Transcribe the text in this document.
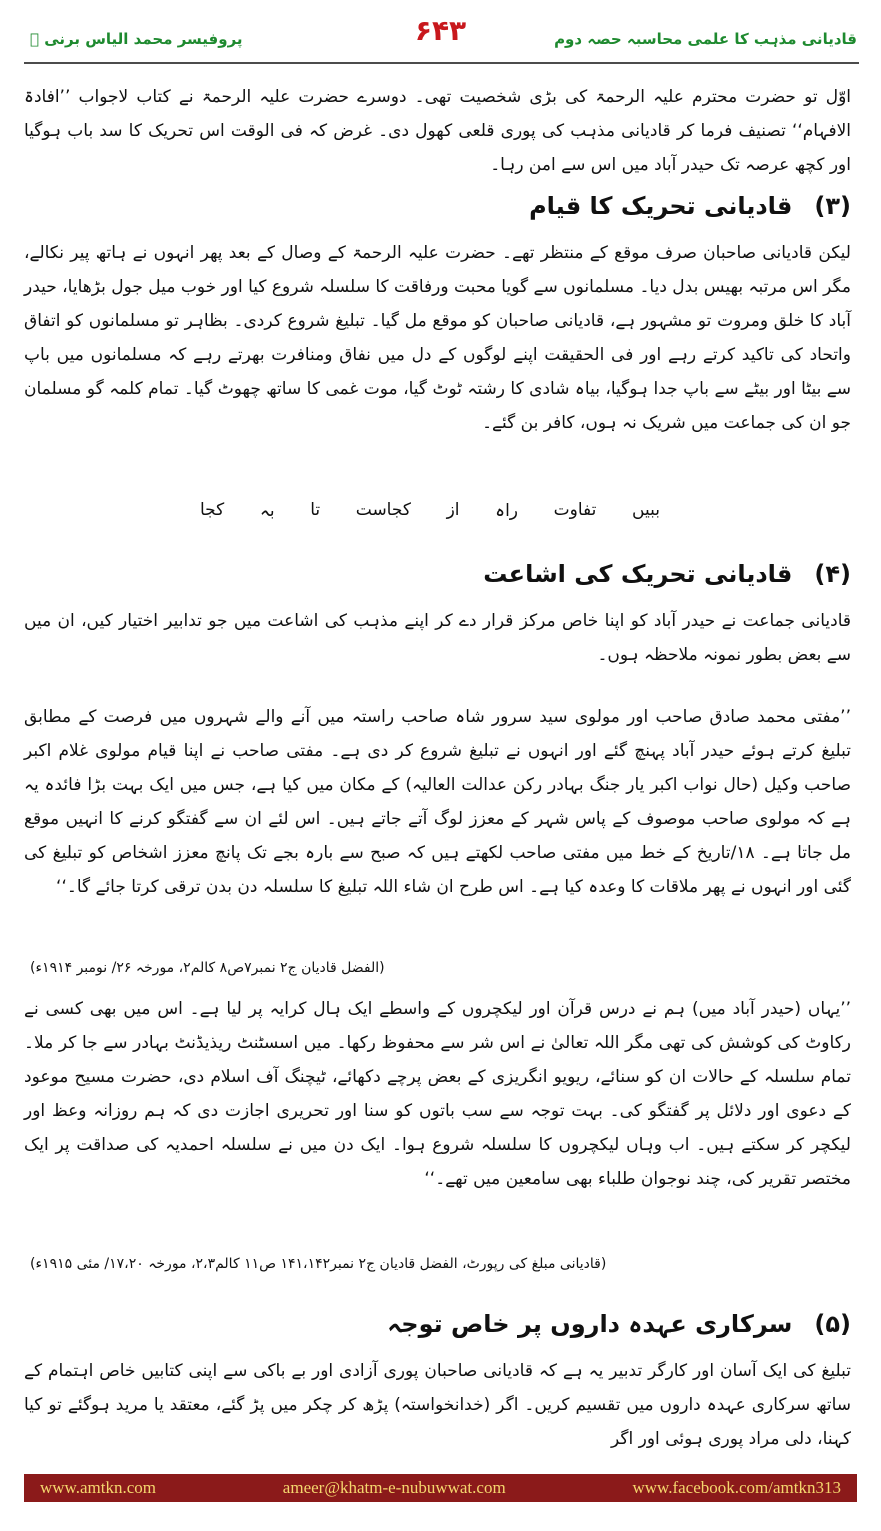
قادیانی مذہب کا علمی محاسبہ حصہ دوم
۶۴۳
پروفیسر محمد الیاس برنی ﷫
اوّل تو حضرت محترم علیہ الرحمۃ کی بڑی شخصیت تھی۔ دوسرے حضرت علیہ الرحمۃ نے کتاب لاجواب ’’افادۃ الافہام‘‘ تصنیف فرما کر قادیانی مذہب کی پوری قلعی کھول دی۔ غرض کہ فی الوقت اس تحریک کا سد باب ہوگیا اور کچھ عرصہ تک حیدر آباد میں اس سے امن رہا۔
(۳)قادیانی تحریک کا قیام
لیکن قادیانی صاحبان صرف موقع کے منتظر تھے۔ حضرت علیہ الرحمۃ کے وصال کے بعد پھر انہوں نے ہاتھ پیر نکالے، مگر اس مرتبہ بھیس بدل دیا۔ مسلمانوں سے گویا محبت ورفاقت کا سلسلہ شروع کیا اور خوب میل جول بڑھایا، حیدر آباد کا خلق ومروت تو مشہور ہے، قادیانی صاحبان کو موقع مل گیا۔ تبلیغ شروع کردی۔ بظاہر تو مسلمانوں کو اتفاق واتحاد کی تاکید کرتے رہے اور فی الحقیقت اپنے لوگوں کے دل میں نفاق ومنافرت بھرتے رہے کہ مسلمانوں میں باپ سے بیٹا اور بیٹے سے باپ جدا ہوگیا، بیاہ شادی کا رشتہ ٹوٹ گیا، موت غمی کا ساتھ چھوٹ گیا۔ تمام کلمہ گو مسلمان جو ان کی جماعت میں شریک نہ ہوں، کافر بن گئے۔
ببیں
تفاوت
راہ
از
کجاست
تا
بہ
کجا
(۴)قادیانی تحریک کی اشاعت
قادیانی جماعت نے حیدر آباد کو اپنا خاص مرکز قرار دے کر اپنے مذہب کی اشاعت میں جو تدابیر اختیار کیں، ان میں سے بعض بطور نمونہ ملاحظہ ہوں۔
’’مفتی محمد صادق صاحب اور مولوی سید سرور شاہ صاحب راستہ میں آنے والے شہروں میں فرصت کے مطابق تبلیغ کرتے ہوئے حیدر آباد پہنچ گئے اور انہوں نے تبلیغ شروع کر دی ہے۔ مفتی صاحب نے اپنا قیام مولوی غلام اکبر صاحب وکیل (حال نواب اکبر یار جنگ بہادر رکن عدالت العالیہ) کے مکان میں کیا ہے، جس میں ایک بہت بڑا فائدہ یہ ہے کہ مولوی صاحب موصوف کے پاس شہر کے معزز لوگ آتے جاتے ہیں۔ اس لئے ان سے گفتگو کرنے کا انہیں موقع مل جاتا ہے۔ ۱۸/تاریخ کے خط میں مفتی صاحب لکھتے ہیں کہ صبح سے بارہ بجے تک پانچ معزز اشخاص کو تبلیغ کی گئی اور انہوں نے پھر ملاقات کا وعدہ کیا ہے۔ اس طرح ان شاء اللہ تبلیغ کا سلسلہ دن بدن ترقی کرتا جائے گا۔‘‘
(الفضل قادیان ج۲ نمبر۷ص۸ کالم۲، مورخہ ۲۶/ نومبر ۱۹۱۴ء)
’’یہاں (حیدر آباد میں) ہم نے درس قرآن اور لیکچروں کے واسطے ایک ہال کرایہ پر لیا ہے۔ اس میں بھی کسی نے رکاوٹ کی کوشش کی تھی مگر اللہ تعالیٰ نے اس شر سے محفوظ رکھا۔ میں اسسٹنٹ ریذیڈنٹ بہادر سے جا کر ملا۔ تمام سلسلہ کے حالات ان کو سنائے، ریویو انگریزی کے بعض پرچے دکھائے، ٹیچنگ آف اسلام دی، حضرت مسیح موعود کے دعوی اور دلائل پر گفتگو کی۔ بہت توجہ سے سب باتوں کو سنا اور تحریری اجازت دی کہ ہم روزانہ وعظ اور لیکچر کر سکتے ہیں۔ اب وہاں لیکچروں کا سلسلہ شروع ہوا۔ ایک دن میں نے سلسلہ احمدیہ کی صداقت پر ایک مختصر تقریر کی، چند نوجوان طلباء بھی سامعین میں تھے۔‘‘
(قادیانی مبلغ کی رپورٹ، الفضل قادیان ج۲ نمبر۱۴۱،۱۴۲ ص۱۱ کالم۲،۳، مورخہ ۱۷،۲۰/ مئی ۱۹۱۵ء)
(۵)سرکاری عہدہ داروں پر خاص توجہ
تبلیغ کی ایک آسان اور کارگر تدبیر یہ ہے کہ قادیانی صاحبان پوری آزادی اور بے باکی سے اپنی کتابیں خاص اہتمام کے ساتھ سرکاری عہدہ داروں میں تقسیم کریں۔ اگر (خدانخواستہ) پڑھ کر چکر میں پڑ گئے، معتقد یا مرید ہوگئے تو کیا کہنا، دلی مراد پوری ہوئی اور اگر
www.amtkn.com	ameer@khatm-e-nubuwwat.com	www.facebook.com/amtkn313
